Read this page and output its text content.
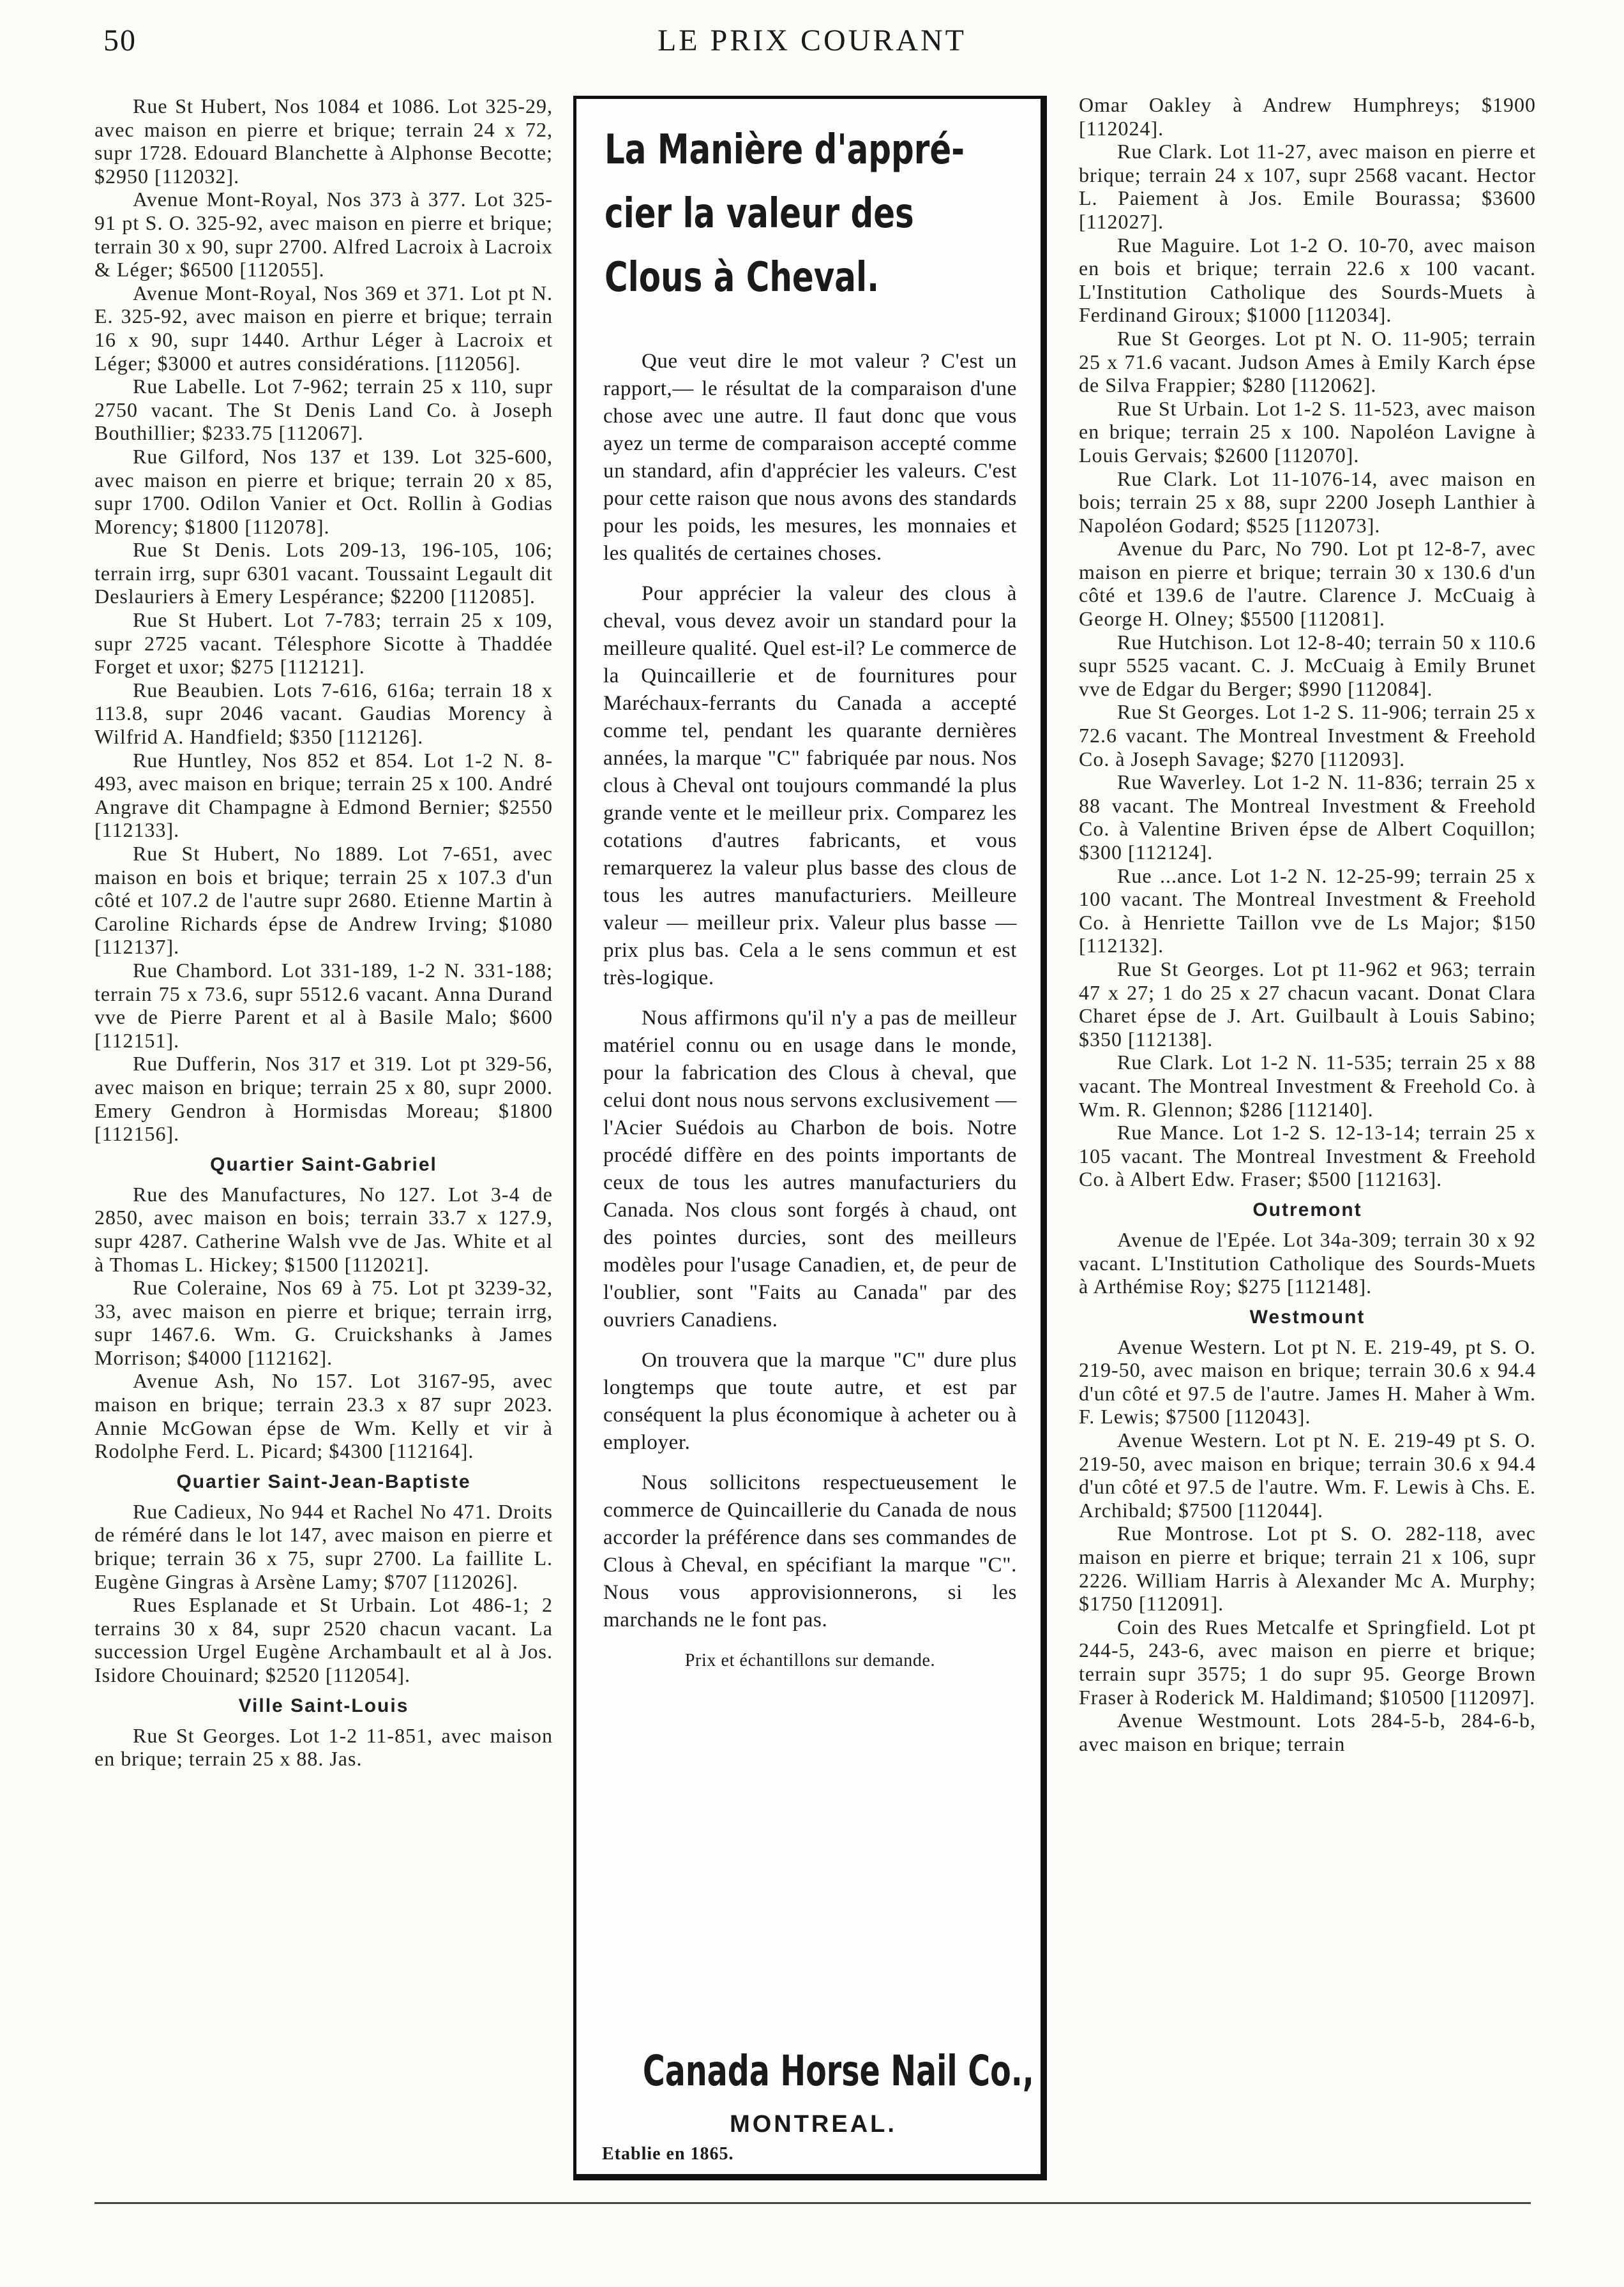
50	LE PRIX COURANT

Rue St Hubert, Nos 1084 et 1086. Lot 325-29, avec maison en pierre et brique; terrain 24 x 72, supr 1728. Edouard Blanchette à Alphonse Becotte; $2950 [112032].

Avenue Mont-Royal, Nos 373 à 377. Lot 325-91 pt S. O. 325-92, avec maison en pierre et brique; terrain 30 x 90, supr 2700. Alfred Lacroix à Lacroix & Léger; $6500 [112055].

Avenue Mont-Royal, Nos 369 et 371. Lot pt N. E. 325-92, avec maison en pierre et brique; terrain 16 x 90, supr 1440. Arthur Léger à Lacroix et Léger; $3000 et autres considérations. [112056].

Rue Labelle. Lot 7-962; terrain 25 x 110, supr 2750 vacant. The St Denis Land Co. à Joseph Bouthillier; $233.75 [112067].

Rue Gilford, Nos 137 et 139. Lot 325-600, avec maison en pierre et brique; terrain 20 x 85, supr 1700. Odilon Vanier et Oct. Rollin à Godias Morency; $1800 [112078].

Rue St Denis. Lots 209-13, 196-105, 106; terrain irrg, supr 6301 vacant. Toussaint Legault dit Deslauriers à Emery Lespérance; $2200 [112085].

Rue St Hubert. Lot 7-783; terrain 25 x 109, supr 2725 vacant. Télesphore Sicotte à Thaddée Forget et uxor; $275 [112121].

Rue Beaubien. Lots 7-616, 616a; terrain 18 x 113.8, supr 2046 vacant. Gaudias Morency à Wilfrid A. Handfield; $350 [112126].

Rue Huntley, Nos 852 et 854. Lot 1-2 N. 8-493, avec maison en brique; terrain 25 x 100. André Angrave dit Champagne à Edmond Bernier; $2550 [112133].

Rue St Hubert, No 1889. Lot 7-651, avec maison en bois et brique; terrain 25 x 107.3 d'un côté et 107.2 de l'autre supr 2680. Etienne Martin à Caroline Richards épse de Andrew Irving; $1080 [112137].

Rue Chambord. Lot 331-189, 1-2 N. 331-188; terrain 75 x 73.6, supr 5512.6 vacant. Anna Durand vve de Pierre Parent et al à Basile Malo; $600 [112151].

Rue Dufferin, Nos 317 et 319. Lot pt 329-56, avec maison en brique; terrain 25 x 80, supr 2000. Emery Gendron à Hormisdas Moreau; $1800 [112156].

Quartier Saint-Gabriel

Rue des Manufactures, No 127. Lot 3-4 de 2850, avec maison en bois; terrain 33.7 x 127.9, supr 4287. Catherine Walsh vve de Jas. White et al à Thomas L. Hickey; $1500 [112021].

Rue Coleraine, Nos 69 à 75. Lot pt 3239-32, 33, avec maison en pierre et brique; terrain irrg, supr 1467.6. Wm. G. Cruickshanks à James Morrison; $4000 [112162].

Avenue Ash, No 157. Lot 3167-95, avec maison en brique; terrain 23.3 x 87 supr 2023. Annie McGowan épse de Wm. Kelly et vir à Rodolphe Ferd. L. Picard; $4300 [112164].

Quartier Saint-Jean-Baptiste

Rue Cadieux, No 944 et Rachel No 471. Droits de réméré dans le lot 147, avec maison en pierre et brique; terrain 36 x 75, supr 2700. La faillite L. Eugène Gingras à Arsène Lamy; $707 [112026].

Rues Esplanade et St Urbain. Lot 486-1; 2 terrains 30 x 84, supr 2520 chacun vacant. La succession Urgel Eugène Archambault et al à Jos. Isidore Chouinard; $2520 [112054].

Ville Saint-Louis

Rue St Georges. Lot 1-2 11-851, avec maison en brique; terrain 25 x 88. Jas.

La Manière d'appré-
cier la valeur des
Clous à Cheval.

Que veut dire le mot valeur ? C'est un rapport,— le résultat de la comparaison d'une chose avec une autre. Il faut donc que vous ayez un terme de comparaison accepté comme un standard, afin d'apprécier les valeurs. C'est pour cette raison que nous avons des standards pour les poids, les mesures, les monnaies et les qualités de certaines choses.

Pour apprécier la valeur des clous à cheval, vous devez avoir un standard pour la meilleure qualité. Quel est-il? Le commerce de la Quincaillerie et de fournitures pour Maréchaux-ferrants du Canada a accepté comme tel, pendant les quarante dernières années, la marque "C" fabriquée par nous. Nos clous à Cheval ont toujours commandé la plus grande vente et le meilleur prix. Comparez les cotations d'autres fabricants, et vous remarquerez la valeur plus basse des clous de tous les autres manufacturiers. Meilleure valeur — meilleur prix. Valeur plus basse — prix plus bas. Cela a le sens commun et est très-logique.

Nous affirmons qu'il n'y a pas de meilleur matériel connu ou en usage dans le monde, pour la fabrication des Clous à cheval, que celui dont nous nous servons exclusivement — l'Acier Suédois au Charbon de bois. Notre procédé diffère en des points importants de ceux de tous les autres manufacturiers du Canada. Nos clous sont forgés à chaud, ont des pointes durcies, sont des meilleurs modèles pour l'usage Canadien, et, de peur de l'oublier, sont "Faits au Canada" par des ouvriers Canadiens.

On trouvera que la marque "C" dure plus longtemps que toute autre, et est par conséquent la plus économique à acheter ou à employer.

Nous sollicitons respectueusement le commerce de Quincaillerie du Canada de nous accorder la préférence dans ses commandes de Clous à Cheval, en spécifiant la marque "C". Nous vous approvisionnerons, si les marchands ne le font pas.

Prix et échantillons sur demande.

Canada Horse Nail Co.,
MONTREAL.
Etablie en 1865.

Omar Oakley à Andrew Humphreys; $1900 [112024].

Rue Clark. Lot 11-27, avec maison en pierre et brique; terrain 24 x 107, supr 2568 vacant. Hector L. Paiement à Jos. Emile Bourassa; $3600 [112027].

Rue Maguire. Lot 1-2 O. 10-70, avec maison en bois et brique; terrain 22.6 x 100 vacant. L'Institution Catholique des Sourds-Muets à Ferdinand Giroux; $1000 [112034].

Rue St Georges. Lot pt N. O. 11-905; terrain 25 x 71.6 vacant. Judson Ames à Emily Karch épse de Silva Frappier; $280 [112062].

Rue St Urbain. Lot 1-2 S. 11-523, avec maison en brique; terrain 25 x 100. Napoléon Lavigne à Louis Gervais; $2600 [112070].

Rue Clark. Lot 11-1076-14, avec maison en bois; terrain 25 x 88, supr 2200 Joseph Lanthier à Napoléon Godard; $525 [112073].

Avenue du Parc, No 790. Lot pt 12-8-7, avec maison en pierre et brique; terrain 30 x 130.6 d'un côté et 139.6 de l'autre. Clarence J. McCuaig à George H. Olney; $5500 [112081].

Rue Hutchison. Lot 12-8-40; terrain 50 x 110.6 supr 5525 vacant. C. J. McCuaig à Emily Brunet vve de Edgar du Berger; $990 [112084].

Rue St Georges. Lot 1-2 S. 11-906; terrain 25 x 72.6 vacant. The Montreal Investment & Freehold Co. à Joseph Savage; $270 [112093].

Rue Waverley. Lot 1-2 N. 11-836; terrain 25 x 88 vacant. The Montreal Investment & Freehold Co. à Valentine Briven épse de Albert Coquillon; $300 [112124].

Rue ...ance. Lot 1-2 N. 12-25-99; terrain 25 x 100 vacant. The Montreal Investment & Freehold Co. à Henriette Taillon vve de Ls Major; $150 [112132].

Rue St Georges. Lot pt 11-962 et 963; terrain 47 x 27; 1 do 25 x 27 chacun vacant. Donat Clara Charet épse de J. Art. Guilbault à Louis Sabino; $350 [112138].

Rue Clark. Lot 1-2 N. 11-535; terrain 25 x 88 vacant. The Montreal Investment & Freehold Co. à Wm. R. Glennon; $286 [112140].

Rue Mance. Lot 1-2 S. 12-13-14; terrain 25 x 105 vacant. The Montreal Investment & Freehold Co. à Albert Edw. Fraser; $500 [112163].

Outremont

Avenue de l'Epée. Lot 34a-309; terrain 30 x 92 vacant. L'Institution Catholique des Sourds-Muets à Arthémise Roy; $275 [112148].

Westmount

Avenue Western. Lot pt N. E. 219-49, pt S. O. 219-50, avec maison en brique; terrain 30.6 x 94.4 d'un côté et 97.5 de l'autre. James H. Maher à Wm. F. Lewis; $7500 [112043].

Avenue Western. Lot pt N. E. 219-49 pt S. O. 219-50, avec maison en brique; terrain 30.6 x 94.4 d'un côté et 97.5 de l'autre. Wm. F. Lewis à Chs. E. Archibald; $7500 [112044].

Rue Montrose. Lot pt S. O. 282-118, avec maison en pierre et brique; terrain 21 x 106, supr 2226. William Harris à Alexander Mc A. Murphy; $1750 [112091].

Coin des Rues Metcalfe et Springfield. Lot pt 244-5, 243-6, avec maison en pierre et brique; terrain supr 3575; 1 do supr 95. George Brown Fraser à Roderick M. Haldimand; $10500 [112097].

Avenue Westmount. Lots 284-5-b, 284-6-b, avec maison en brique; terrain
